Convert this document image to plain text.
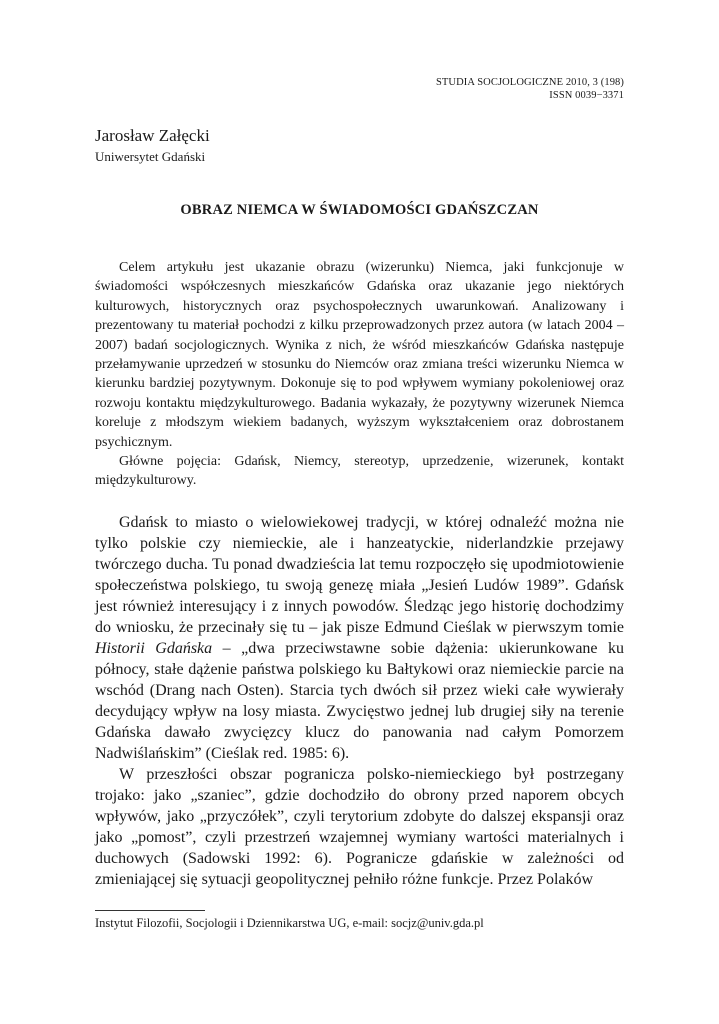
STUDIA SOCJOLOGICZNE 2010, 3 (198)
ISSN 0039−3371
Jarosław Załęcki
Uniwersytet Gdański
OBRAZ NIEMCA W ŚWIADOMOŚCI GDAŃSZCZAN

Celem artykułu jest ukazanie obrazu (wizerunku) Niemca, jaki funkcjonuje w świadomości współczesnych mieszkańców Gdańska oraz ukazanie jego niektórych kulturowych, historycznych oraz psychospołecznych uwarunkowań. Analizowany i prezentowany tu materiał pochodzi z kilku przeprowadzonych przez autora (w latach 2004 – 2007) badań socjologicznych. Wynika z nich, że wśród mieszkańców Gdańska następuje przełamywanie uprzedzeń w stosunku do Niemców oraz zmiana treści wizerunku Niemca w kierunku bardziej pozytywnym. Dokonuje się to pod wpływem wymiany pokoleniowej oraz rozwoju kontaktu międzykulturowego. Badania wykazały, że pozytywny wizerunek Niemca koreluje z młodszym wiekiem badanych, wyższym wykształceniem oraz dobrostanem psychicznym.

Główne pojęcia: Gdańsk, Niemcy, stereotyp, uprzedzenie, wizerunek, kontakt międzykulturowy.

Gdańsk to miasto o wielowiekowej tradycji, w której odnaleźć można nie tylko polskie czy niemieckie, ale i hanzeatyckie, niderlandzkie przejawy twórczego ducha. Tu ponad dwadzieścia lat temu rozpoczęło się upodmiotowienie społeczeństwa polskiego, tu swoją genezę miała „Jesień Ludów 1989”. Gdańsk jest również interesujący i z innych powodów. Śledząc jego historię dochodzimy do wniosku, że przecinały się tu – jak pisze Edmund Cieślak w pierwszym tomie Historii Gdańska – „dwa przeciwstawne sobie dążenia: ukierunkowane ku północy, stałe dążenie państwa polskiego ku Bałtykowi oraz niemieckie parcie na wschód (Drang nach Osten). Starcia tych dwóch sił przez wieki całe wywierały decydujący wpływ na losy miasta. Zwycięstwo jednej lub drugiej siły na terenie Gdańska dawało zwycięzcy klucz do panowania nad całym Pomorzem Nadwiślańskim” (Cieślak red. 1985: 6).

W przeszłości obszar pogranicza polsko-niemieckiego był postrzegany trojako: jako „szaniec”, gdzie dochodziło do obrony przed naporem obcych wpływów, jako „przyczółek”, czyli terytorium zdobyte do dalszej ekspansji oraz jako „pomost”, czyli przestrzeń wzajemnej wymiany wartości materialnych i duchowych (Sadowski 1992: 6). Pogranicze gdańskie w zależności od zmieniającej się sytuacji geopolitycznej pełniło różne funkcje. Przez Polaków

Instytut Filozofii, Socjologii i Dziennikarstwa UG, e-mail: socjz@univ.gda.pl
